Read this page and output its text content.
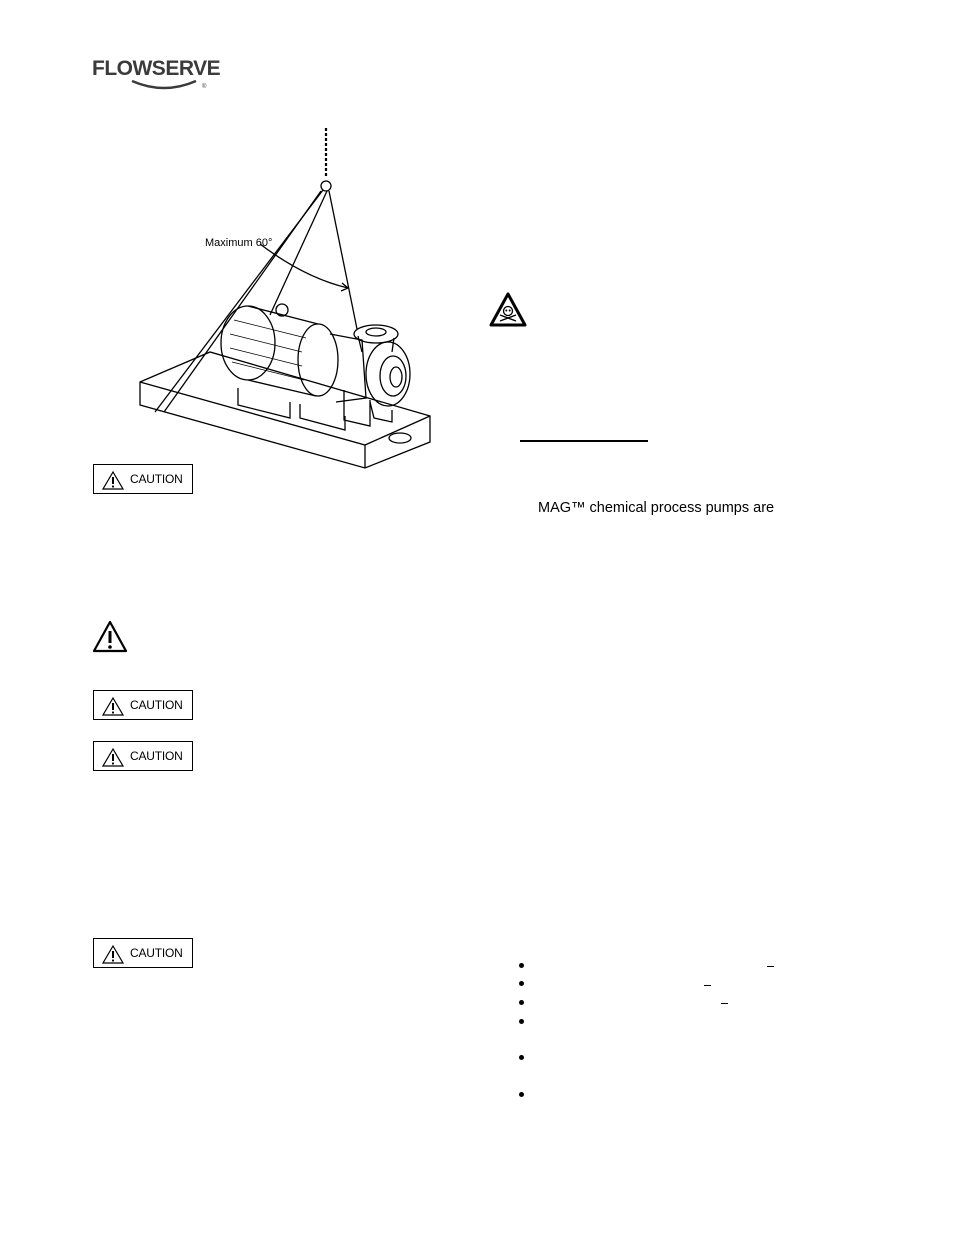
FLOWSERVE
®
Maximum 60°
CAUTION
CAUTION
CAUTION
CAUTION
MAG™ chemical process pumps are
